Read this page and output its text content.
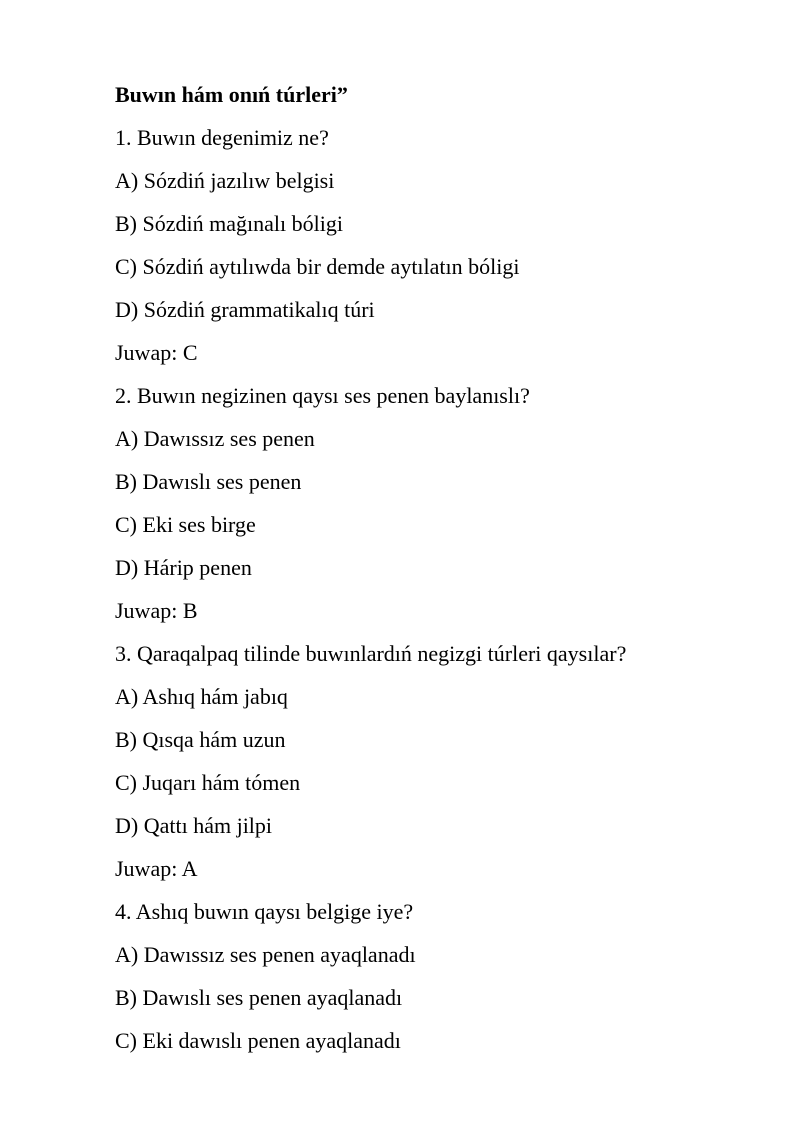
Buwın hám onıń túrleri”
1. Buwın degenimiz ne?
A) Sózdiń jazılıw belgisi
B) Sózdiń mağınalı bóligi
C) Sózdiń aytılıwda bir demde aytılatın bóligi
D) Sózdiń grammatikalıq túri
Juwap: C
2. Buwın negizinen qaysı ses penen baylanıslı?
A) Dawıssız ses penen
B) Dawıslı ses penen
C) Eki ses birge
D) Hárip penen
Juwap: B
3. Qaraqalpaq tilinde buwınlardıń negizgi túrleri qaysılar?
A) Ashıq hám jabıq
B) Qısqa hám uzun
C) Juqarı hám tómen
D) Qattı hám jilpi
Juwap: A
4. Ashıq buwın qaysı belgige iye?
A) Dawıssız ses penen ayaqlanadı
B) Dawıslı ses penen ayaqlanadı
C) Eki dawıslı penen ayaqlanadı
